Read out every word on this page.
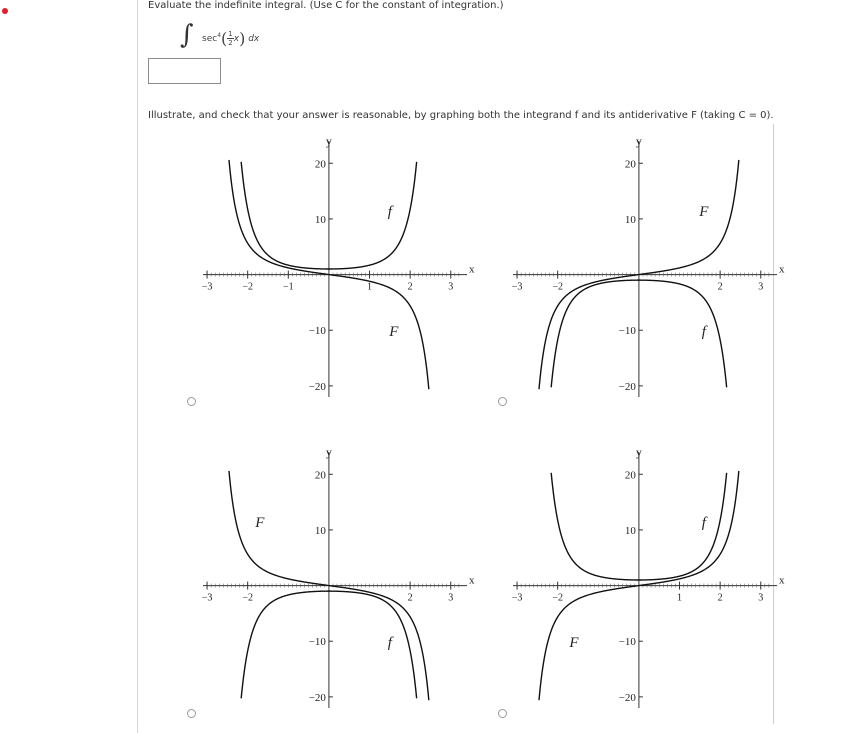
Evaluate the indefinite integral. (Use C for the constant of integration.)
∫ $\sec^4( \frac{1}{2} x)$ dx
Illustrate, and check that your answer is reasonable, by graphing both the integrand f and its antiderivative F (taking C = 0).
−20
−10
10
20
−3	−2	−1	1	2	3
x
y
f
F
−20
−10
10
20
−3	−2	2	3
x
y
F
f
−20
−10
10
20
−3	−2	2	3
x
y
F
f
−20
−10
10
20
−3	−2	1	2	3
x
y
f
F
